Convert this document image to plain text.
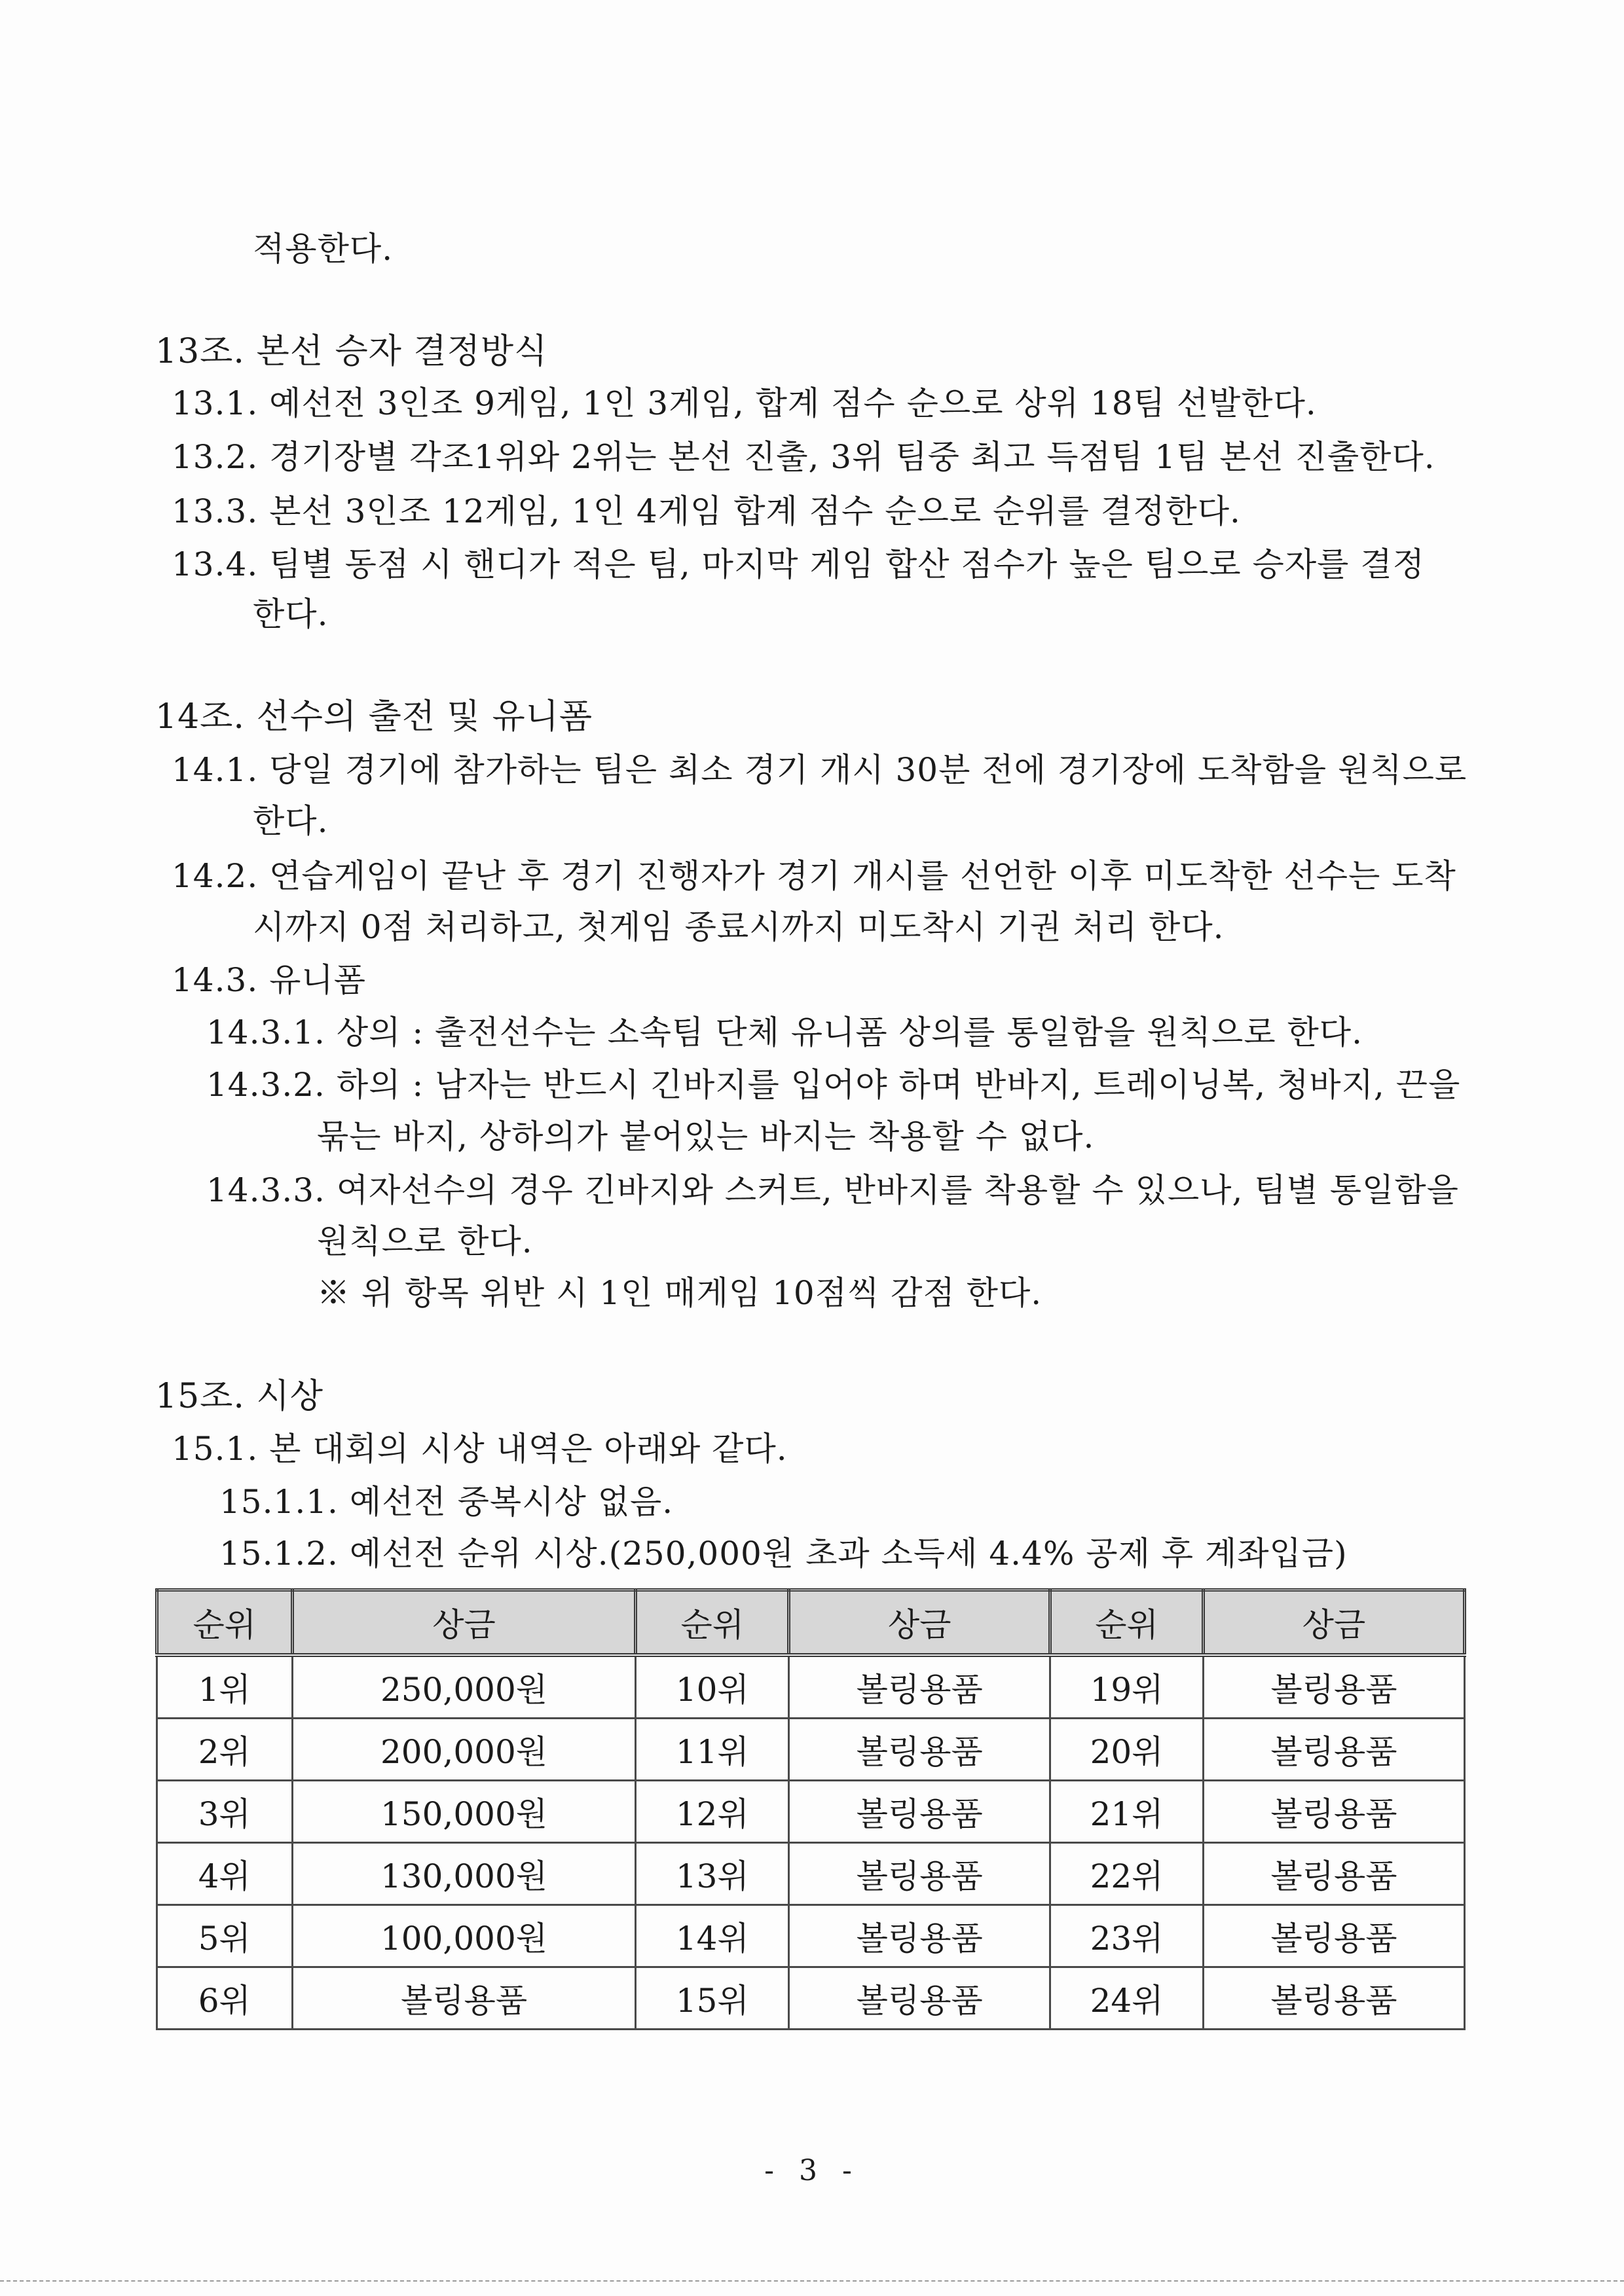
적용한다.
13조. 본선 승자 결정방식
13.1. 예선전 3인조 9게임, 1인 3게임, 합계 점수 순으로 상위 18팀 선발한다.
13.2. 경기장별 각조1위와 2위는 본선 진출, 3위 팀중 최고 득점팀 1팀 본선 진출한다.
13.3. 본선 3인조 12게임, 1인 4게임 합계 점수 순으로 순위를 결정한다.
13.4. 팀별 동점 시 핸디가 적은 팀, 마지막 게임 합산 점수가 높은 팀으로 승자를 결정
한다.
14조. 선수의 출전 및 유니폼
14.1. 당일 경기에 참가하는 팀은 최소 경기 개시 30분 전에 경기장에 도착함을 원칙으로
한다.
14.2. 연습게임이 끝난 후 경기 진행자가 경기 개시를 선언한 이후 미도착한 선수는 도착
시까지 0점 처리하고, 첫게임 종료시까지 미도착시 기권 처리 한다.
14.3. 유니폼
14.3.1. 상의 : 출전선수는 소속팀 단체 유니폼 상의를 통일함을 원칙으로 한다.
14.3.2. 하의 : 남자는 반드시 긴바지를 입어야 하며 반바지, 트레이닝복, 청바지, 끈을
묶는 바지, 상하의가 붙어있는 바지는 착용할 수 없다.
14.3.3. 여자선수의 경우 긴바지와 스커트, 반바지를 착용할 수 있으나, 팀별 통일함을
원칙으로 한다.
※ 위 항목 위반 시 1인 매게임 10점씩 감점 한다.
15조. 시상
15.1. 본 대회의 시상 내역은 아래와 같다.
15.1.1. 예선전 중복시상 없음.
15.1.2. 예선전 순위 시상.(250,000원 초과 소득세 4.4% 공제 후 계좌입금)
순위	상금	순위	상금	순위	상금
1위	250,000원	10위	볼링용품	19위	볼링용품
2위	200,000원	11위	볼링용품	20위	볼링용품
3위	150,000원	12위	볼링용품	21위	볼링용품
4위	130,000원	13위	볼링용품	22위	볼링용품
5위	100,000원	14위	볼링용품	23위	볼링용품
6위	볼링용품	15위	볼링용품	24위	볼링용품
- 3 -
